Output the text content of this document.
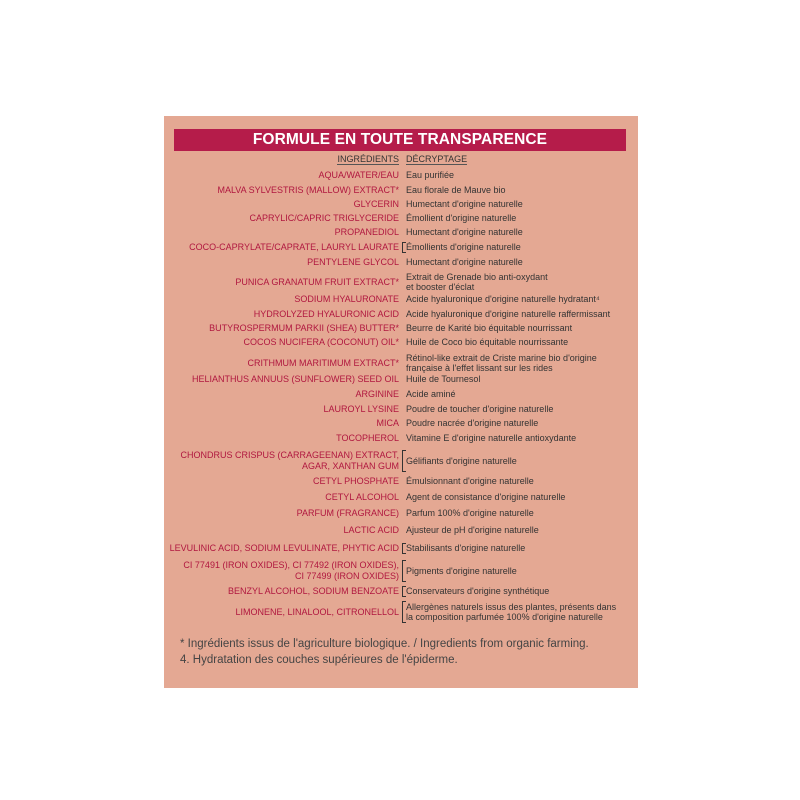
FORMULE EN TOUTE TRANSPARENCE
INGRÉDIENTS DÉCRYPTAGE
AQUA/WATER/EAU Eau purifiée
MALVA SYLVESTRIS (MALLOW) EXTRACT* Eau florale de Mauve bio
GLYCERIN Humectant d'origine naturelle
CAPRYLIC/CAPRIC TRIGLYCERIDE Émollient d'origine naturelle
PROPANEDIOL Humectant d'origine naturelle
COCO-CAPRYLATE/CAPRATE, LAURYL LAURATE Émollients d'origine naturelle
PENTYLENE GLYCOL Humectant d'origine naturelle
PUNICA GRANATUM FRUIT EXTRACT* Extrait de Grenade bio anti-oxydant
et booster d'éclat
SODIUM HYALURONATE Acide hyaluronique d'origine naturelle hydratant⁴
HYDROLYZED HYALURONIC ACID Acide hyaluronique d'origine naturelle raffermissant
BUTYROSPERMUM PARKII (SHEA) BUTTER* Beurre de Karité bio équitable nourrissant
COCOS NUCIFERA (COCONUT) OIL* Huile de Coco bio équitable nourrissante
CRITHMUM MARITIMUM EXTRACT* Rétinol-like extrait de Criste marine bio d'origine
française à l'effet lissant sur les rides
HELIANTHUS ANNUUS (SUNFLOWER) SEED OIL Huile de Tournesol
ARGININE Acide aminé
LAUROYL LYSINE Poudre de toucher d'origine naturelle
MICA Poudre nacrée d'origine naturelle
TOCOPHEROL Vitamine E d'origine naturelle antioxydante
CHONDRUS CRISPUS (CARRAGEENAN) EXTRACT,
AGAR, XANTHAN GUM
Gélifiants d'origine naturelle
CETYL PHOSPHATE Émulsionnant d'origine naturelle
CETYL ALCOHOL Agent de consistance d'origine naturelle
PARFUM (FRAGRANCE) Parfum 100% d'origine naturelle
LACTIC ACID Ajusteur de pH d'origine naturelle
LEVULINIC ACID, SODIUM LEVULINATE, PHYTIC ACID Stabilisants d'origine naturelle
CI 77491 (IRON OXIDES), CI 77492 (IRON OXIDES),
CI 77499 (IRON OXIDES)
Pigments d'origine naturelle
BENZYL ALCOHOL, SODIUM BENZOATE Conservateurs d'origine synthétique
LIMONENE, LINALOOL, CITRONELLOL Allergènes naturels issus des plantes, présents dans
la composition parfumée 100% d'origine naturelle
* Ingrédients issus de l'agriculture biologique. / Ingredients from organic farming.
4. Hydratation des couches supérieures de l'épiderme.
